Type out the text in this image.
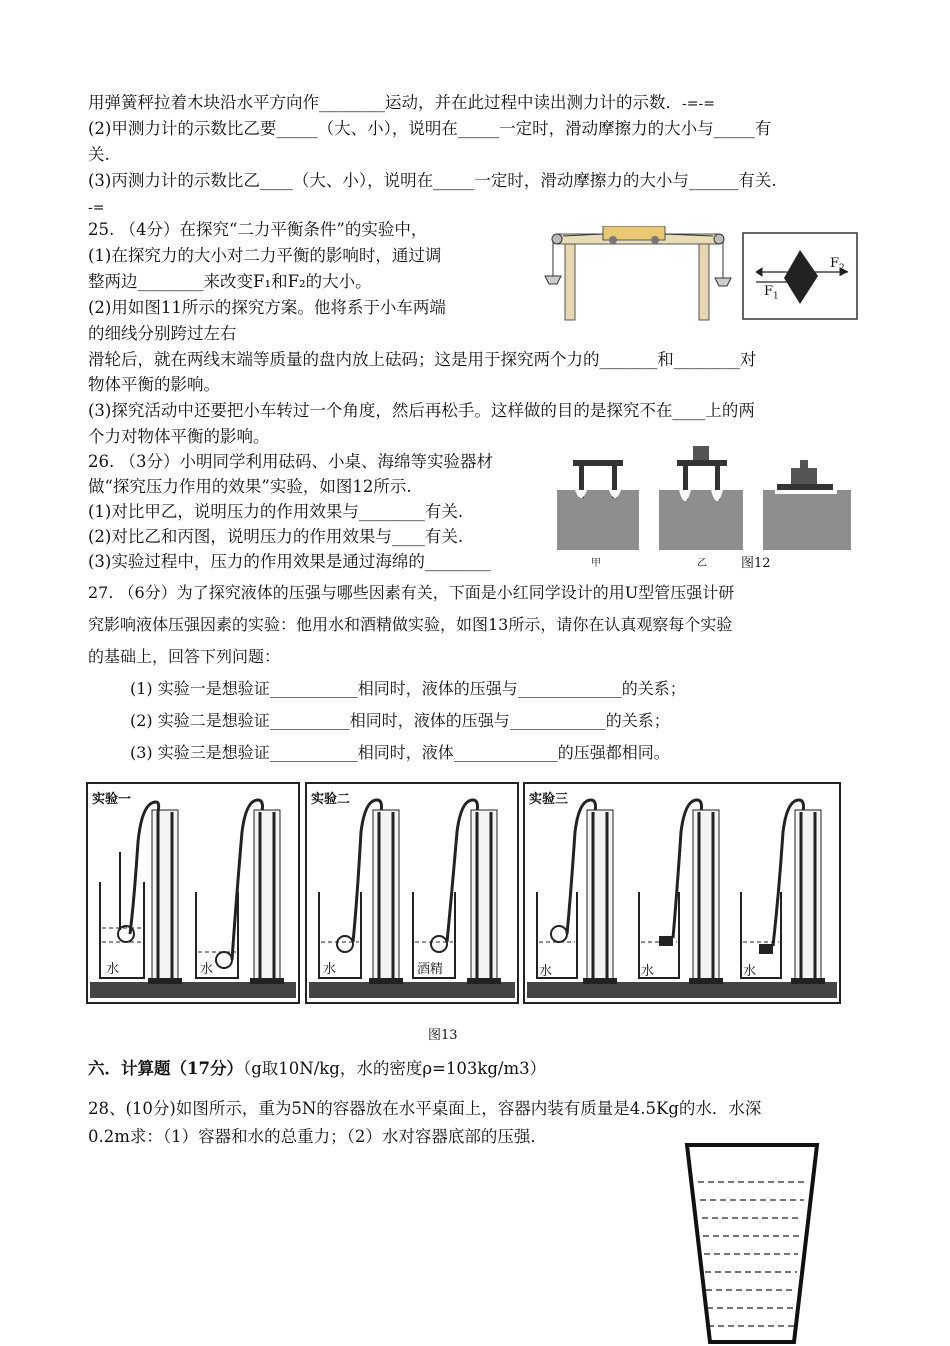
用弹簧秤拉着木块沿水平方向作________运动，并在此过程中读出测力计的示数．-=-=
(2)甲测力计的示数比乙要_____（大、小），说明在_____一定时，滑动摩擦力的大小与_____有
关.
(3)丙测力计的示数比乙____（大、小），说明在_____一定时，滑动摩擦力的大小与______有关.
-=
25. （4分）在探究“二力平衡条件”的实验中，
(1)在探究力的大小对二力平衡的影响时，通过调
整两边________来改变F₁和F₂的大小。
(2)用如图11所示的探究方案。他将系于小车两端
的细线分别跨过左右
滑轮后，就在两线末端等质量的盘内放上砝码；这是用于探究两个力的_______和________对
物体平衡的影响。
(3)探究活动中还要把小车转过一个角度，然后再松手。这样做的目的是探究不在____上的两
个力对物体平衡的影响。
26. （3分）小明同学利用砝码、小桌、海绵等实验器材
做“探究压力作用的效果”实验，如图12所示.
(1)对比甲乙，说明压力的作用效果与________有关.
(2)对比乙和丙图，说明压力的作用效果与____有关.
(3)实验过程中，压力的作用效果是通过海绵的________
27. （6分）为了探究液体的压强与哪些因素有关，下面是小红同学设计的用U型管压强计研
究影响液体压强因素的实验：他用水和酒精做实验，如图13所示，请你在认真观察每个实验
的基础上，回答下列问题：
(1) 实验一是想验证___________相同时，液体的压强与_____________的关系；
(2) 实验二是想验证__________相同时，液体的压强与____________的关系；
(3) 实验三是想验证___________相同时，液体_____________的压强都相同。
六．计算题（17分）（g取10N/kg，水的密度ρ=103kg/m3）
28、(10分)如图所示，重为5N的容器放在水平桌面上，容器内装有质量是4.5Kg的水．水深
0.2m求：（1）容器和水的总重力；（2）水对容器底部的压强．
$F_1$
$F_2$
甲	乙	图12
实验一
水	水
实验二
水	酒精
实验三
水	水	水
图13
